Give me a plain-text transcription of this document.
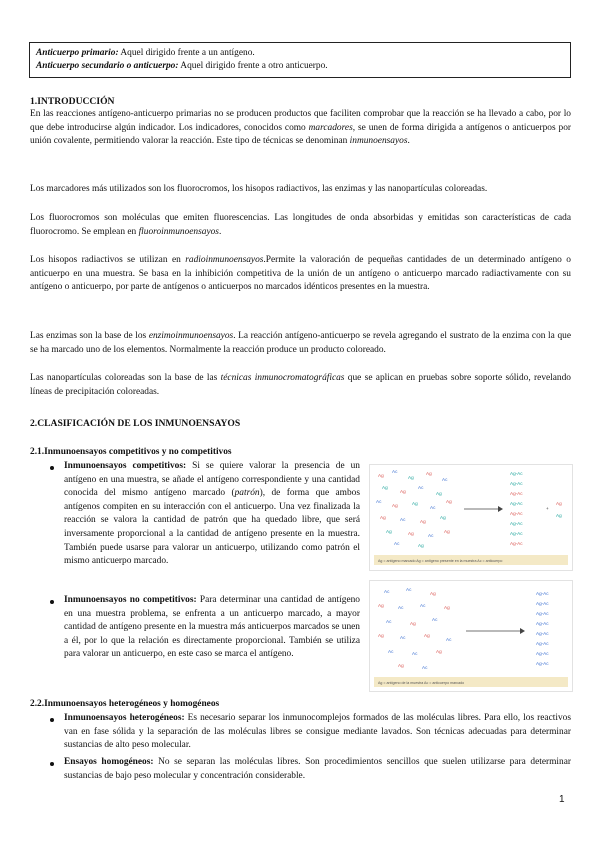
Anticuerpo primario: Aquel dirigido frente a un antígeno.
Anticuerpo secundario o anticuerpo: Aquel dirigido frente a otro anticuerpo.
1.INTRODUCCIÓN
En las reacciones antígeno-anticuerpo primarias no se producen productos que faciliten comprobar que la reacción se ha llevado a cabo, por lo que debe introducirse algún indicador. Los indicadores, conocidos como marcadores, se unen de forma dirigida a antígenos o anticuerpos por unión covalente, permitiendo valorar la reacción. Este tipo de técnicas se denominan inmunoensayos.
Los marcadores más utilizados son los fluorocromos, los hisopos radiactivos, las enzimas y las nanopartículas coloreadas.
Los fluorocromos son moléculas que emiten fluorescencias. Las longitudes de onda absorbidas y emitidas son características de cada fluorocromo. Se emplean en fluoroinmunoensayos.
Los hisopos radiactivos se utilizan en radioinmunoensayos.Permite la valoración de pequeñas cantidades de un determinado antígeno o anticuerpo en una muestra. Se basa en la inhibición competitiva de la unión de un antígeno o anticuerpo marcado radiactivamente con su antígeno o anticuerpo, por parte de antígenos o anticuerpos no marcados idénticos presentes en la muestra.
Las enzimas son la base de los enzimoinmunoensayos. La reacción antígeno-anticuerpo se revela agregando el sustrato de la enzima con la que se ha marcado uno de los elementos. Normalmente la reacción produce un producto coloreado.
Las nanopartículas coloreadas son la base de las técnicas inmunocromatográficas que se aplican en pruebas sobre soporte sólido, revelando líneas de precipitación coloreadas.
2.CLASIFICACIÓN DE LOS INMUNOENSAYOS
2.1.Inmunoensayos competitivos y no competitivos
Inmunoensayos competitivos: Si se quiere valorar la presencia de un antígeno en una muestra, se añade el antígeno correspondiente y una cantidad conocida del mismo antígeno marcado (patrón), de forma que ambos antígenos compiten en su interacción con el anticuerpo. Una vez finalizada la reacción se valora la cantidad de patrón que ha quedado libre, que será inversamente proporcional a la cantidad de antígeno presente en la muestra. También puede usarse para valorar un anticuerpo, utilizando como patrón el mismo anticuerpo marcado.
Inmunoensayos no competitivos: Para determinar una cantidad de antígeno en una muestra problema, se enfrenta a un anticuerpo marcado, a mayor cantidad de antígeno presente en la muestra más anticuerpos marcados se unen a él, por lo que la relación es directamente proporcional. También se utiliza para valorar un anticuerpo, en este caso se marca el antígeno.
Ag
Ac
Ag
Ag
Ac
Ag
Ag
Ac
Ag
Ac
Ag	Ag
Ac
Ag
Ag	Ac	Ag
Ag
Ag	Ag	Ac
Ag
Ac	Ag
Ag-Ac
Ag-Ac
Ag-Ac
Ag-Ac
Ag-Ac
Ag-Ac
Ag-Ac
Ag-Ac
+
Ag
Ag
Ag = antígeno marcado Ag = antígeno presente en la muestra Ac = anticuerpo
Ac	Ac
Ag
Ag	Ac	Ac	Ag
Ac	Ag
Ac
Ag	Ac	Ag
Ac
Ac	Ac	Ag
Ag	Ac
Ag-Ac
Ag-Ac
Ag-Ac
Ag-Ac
Ag-Ac
Ag-Ac
Ag-Ac
Ag-Ac
Ag = antígeno de la muestra Ac = anticuerpo marcado
2.2.Inmunoensayos heterogéneos y homogéneos
Inmunoensayos heterogéneos: Es necesario separar los inmunocomplejos formados de las moléculas libres. Para ello, los reactivos van en fase sólida y la separación de las moléculas libres se consigue mediante lavados. Son técnicas adecuadas para determinar sustancias de alto peso molecular.
Ensayos homogéneos: No se separan las moléculas libres. Son procedimientos sencillos que suelen utilizarse para determinar sustancias de bajo peso molecular y concentración considerable.
1
